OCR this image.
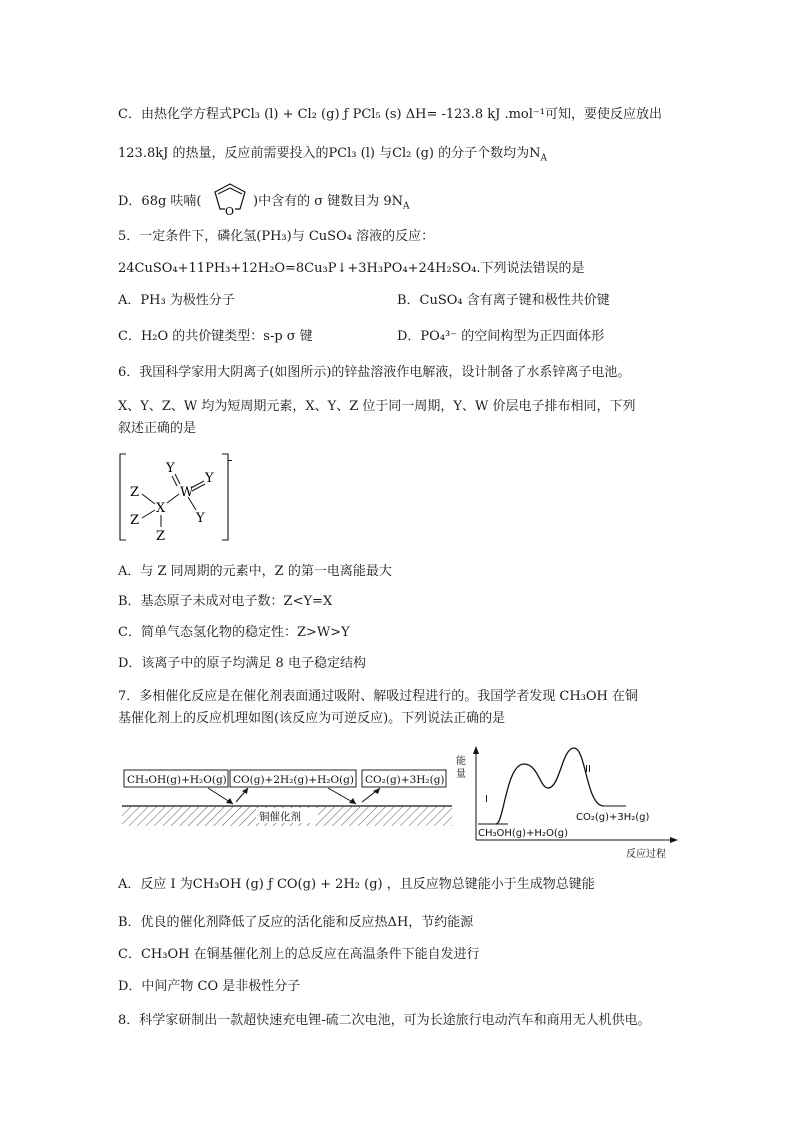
C．由热化学方程式PCl₃ (l) + Cl₂ (g) ƒ PCl₅ (s) ΔH= -123.8 kJ .mol⁻¹可知，要使反应放出
123.8kJ 的热量，反应前需要投入的PCl₃ (l) 与Cl₂ (g) 的分子个数均为$N_A$
D．68g 呋喃(
O
)中含有的 σ 键数目为 $9N_A$
5．一定条件下，磷化氢(PH₃)与 CuSO₄ 溶液的反应：
24CuSO₄+11PH₃+12H₂O=8Cu₃P↓+3H₃PO₄+24H₂SO₄.下列说法错误的是
A．PH₃ 为极性分子	B．CuSO₄ 含有离子键和极性共价键
C．H₂O 的共价键类型：s-p σ 键	D．PO₄³⁻ 的空间构型为正四面体形
6．我国科学家用大阴离子(如图所示)的锌盐溶液作电解液，设计制备了水系锌离子电池。
X、Y、Z、W 均为短周期元素，X、Y、Z 位于同一周期，Y、W 价层电子排布相同，下列
叙述正确的是
-
W
X
Y
Y
Y
Z
Z
Z
A．与 Z 同周期的元素中，Z 的第一电离能最大
B．基态原子未成对电子数：Z<Y=X
C．简单气态氢化物的稳定性：Z>W>Y
D．该离子中的原子均满足 8 电子稳定结构
7．多相催化反应是在催化剂表面通过吸附、解吸过程进行的。我国学者发现 CH₃OH 在铜
基催化剂上的反应机理如图(该反应为可逆反应)。下列说法正确的是
CH₃OH(g)+H₂O(g) CO(g)+2H₂(g)+H₂O(g) CO₂(g)+3H₂(g)
铜催化剂
能
量
反应过程
I
II
CH₃OH(g)+H₂O(g)
CO₂(g)+3H₂(g)
A．反应 I 为CH₃OH (g) ƒ CO(g) + 2H₂ (g) ，且反应物总键能小于生成物总键能
B．优良的催化剂降低了反应的活化能和反应热ΔH，节约能源
C．CH₃OH 在铜基催化剂上的总反应在高温条件下能自发进行
D．中间产物 CO 是非极性分子
8．科学家研制出一款超快速充电锂-硫二次电池，可为长途旅行电动汽车和商用无人机供电。
